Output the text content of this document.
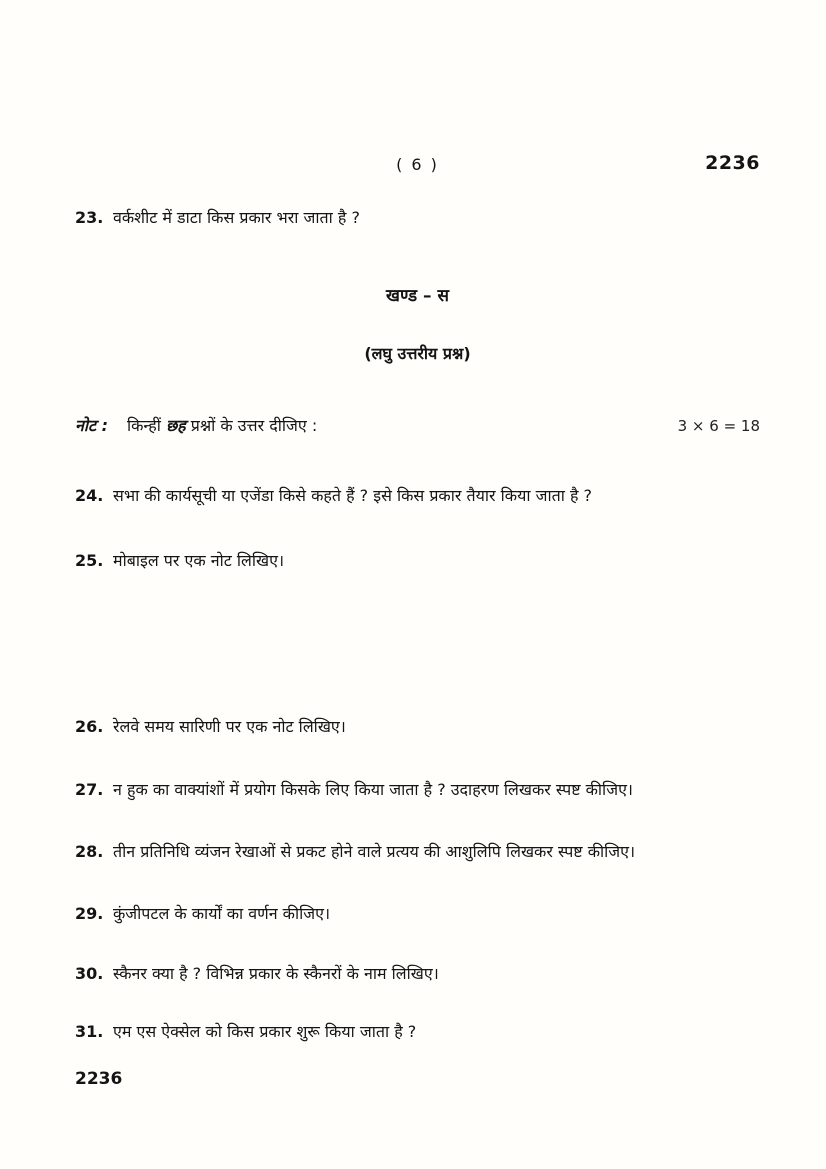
( 6 )	2236
23. वर्कशीट में डाटा किस प्रकार भरा जाता है ?
खण्ड – स
(लघु उत्तरीय प्रश्न)
नोट :	किन्हीं छह प्रश्नों के उत्तर दीजिए :	3 × 6 = 18
24. सभा की कार्यसूची या एजेंडा किसे कहते हैं ? इसे किस प्रकार तैयार किया जाता है ?
25. मोबाइल पर एक नोट लिखिए।
26. रेलवे समय सारिणी पर एक नोट लिखिए।
27. न हुक का वाक्यांशों में प्रयोग किसके लिए किया जाता है ? उदाहरण लिखकर स्पष्ट कीजिए।
28. तीन प्रतिनिधि व्यंजन रेखाओं से प्रकट होने वाले प्रत्यय की आशुलिपि लिखकर स्पष्ट कीजिए।
29. कुंजीपटल के कार्यों का वर्णन कीजिए।
30. स्कैनर क्या है ? विभिन्न प्रकार के स्कैनरों के नाम लिखिए।
31. एम एस ऐक्सेल को किस प्रकार शुरू किया जाता है ?
2236
